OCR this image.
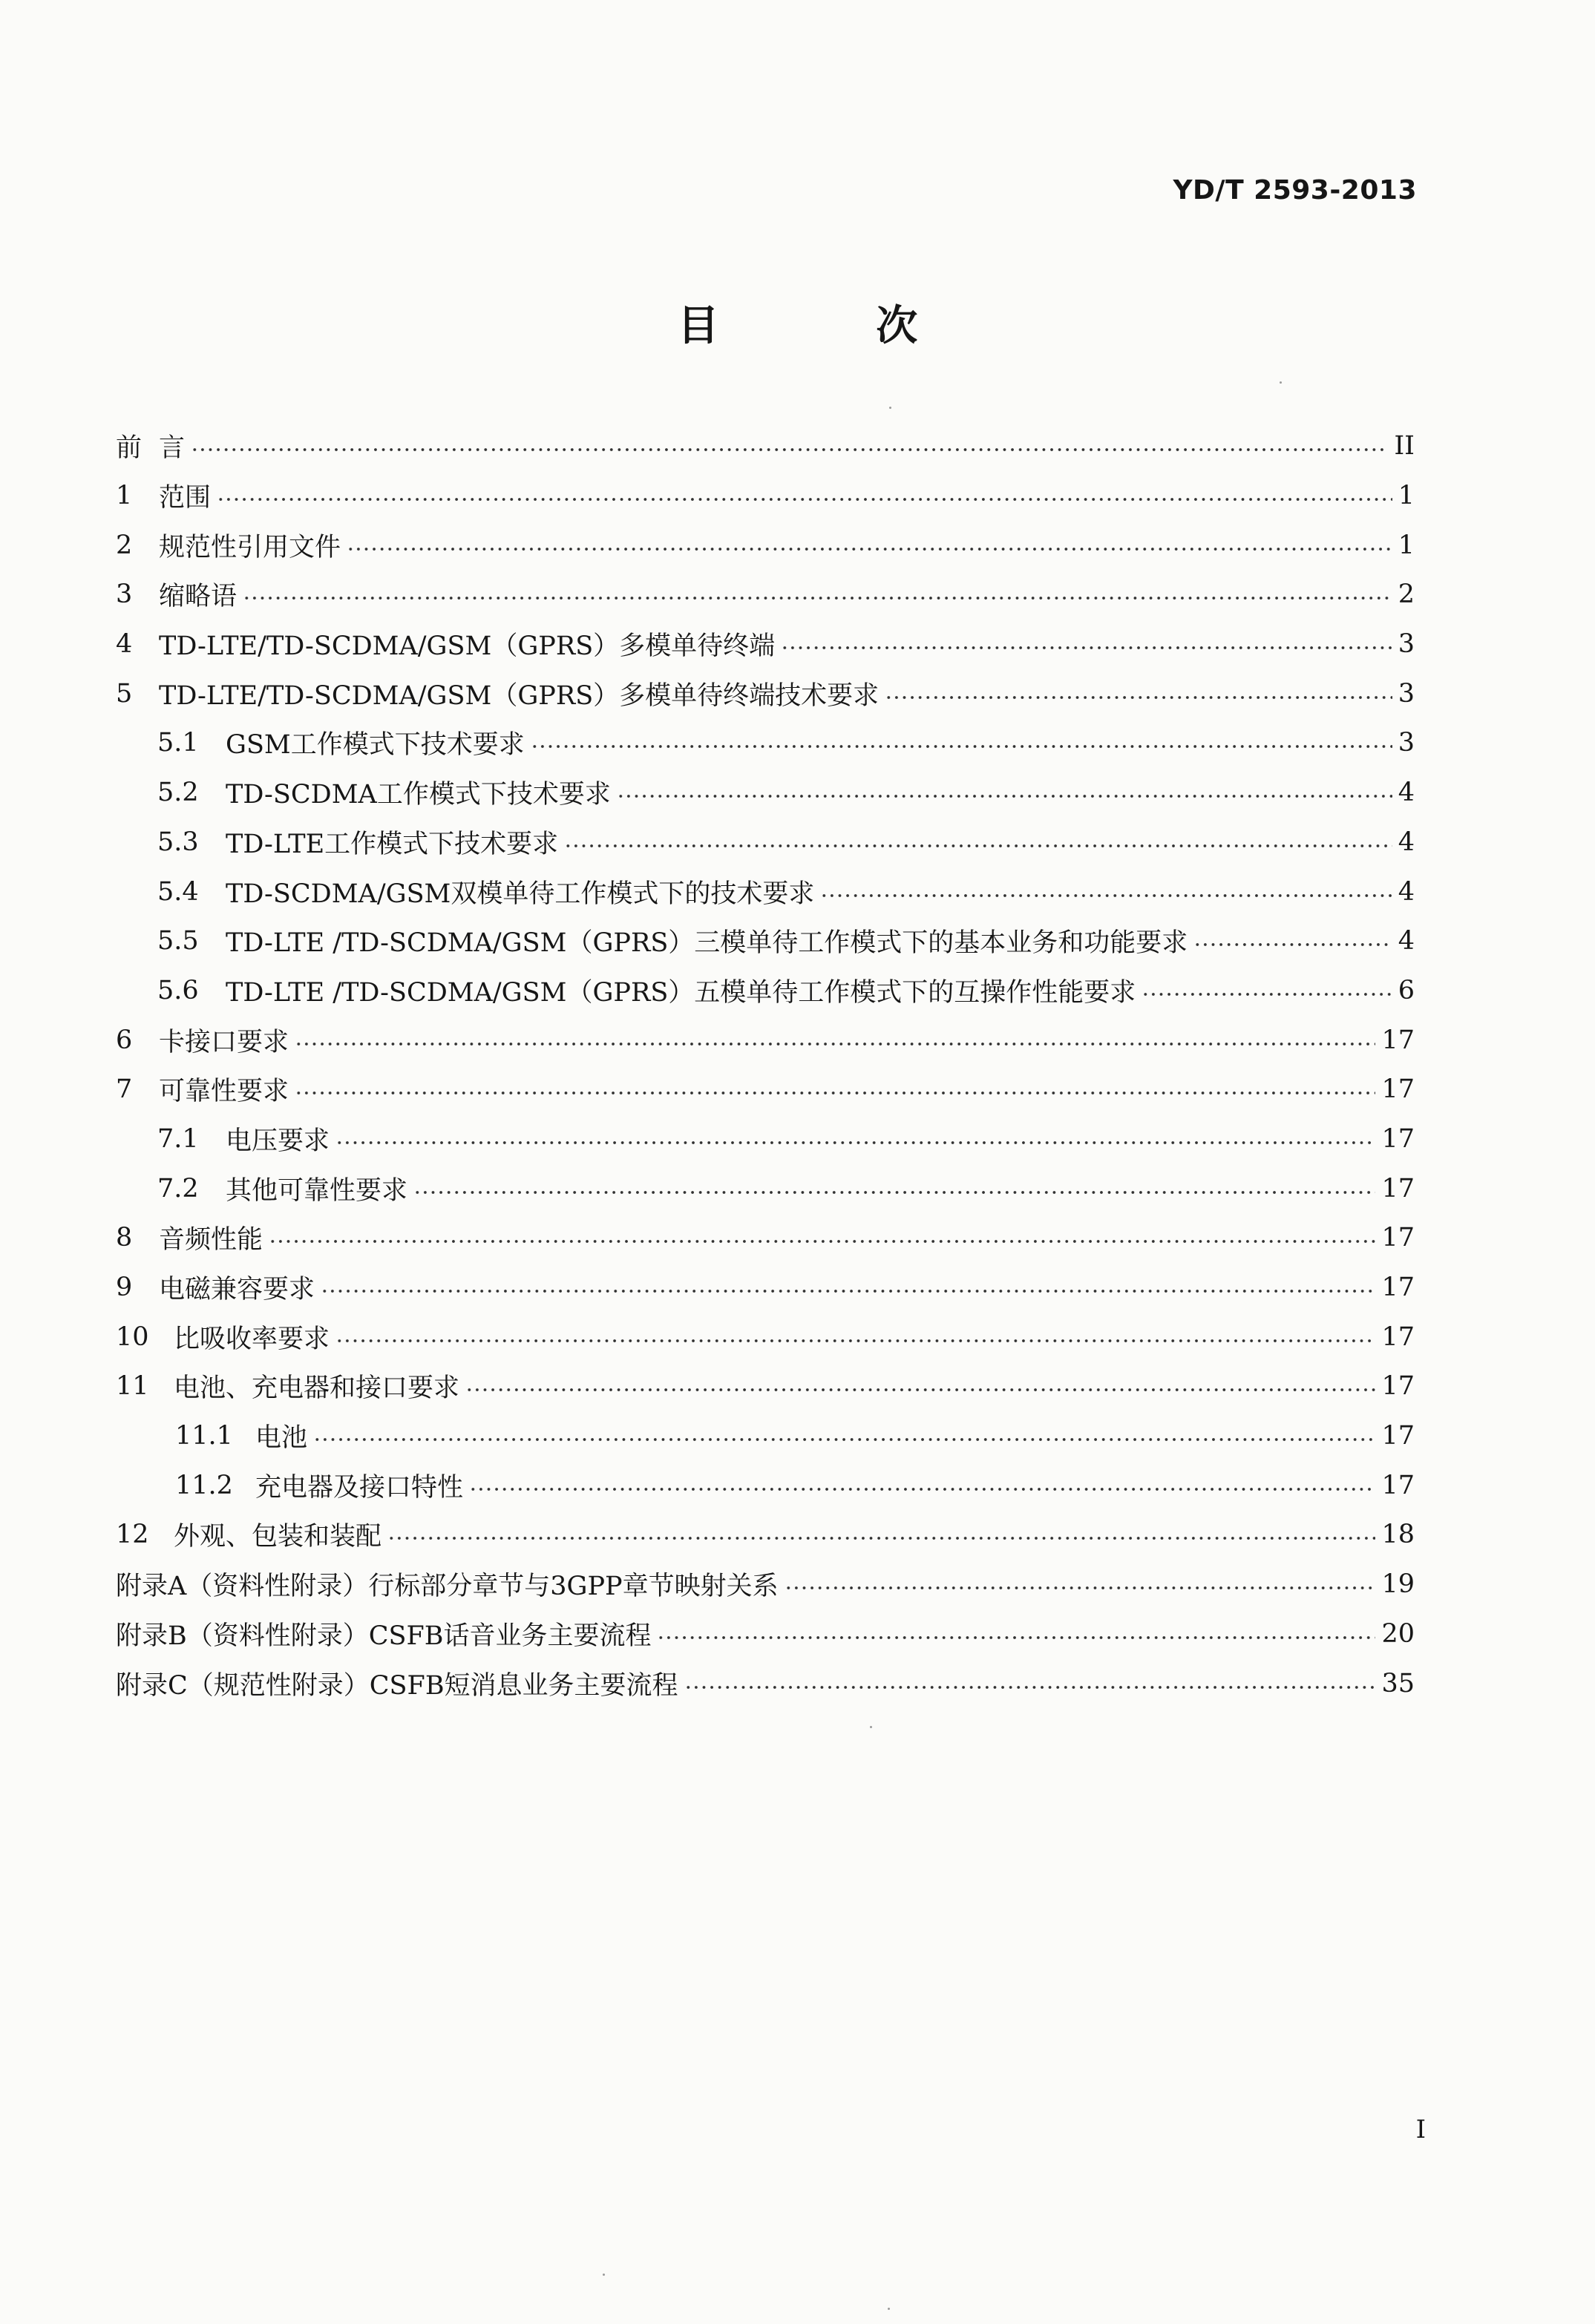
YD/T 2593-2013
目 次
前 言	II
1	范围	1
2	规范性引用文件	1
3	缩略语	2
4	TD-LTE/TD-SCDMA/GSM（GPRS）多模单待终端	3
5	TD-LTE/TD-SCDMA/GSM（GPRS）多模单待终端技术要求	3
5.1	GSM工作模式下技术要求	3
5.2	TD-SCDMA工作模式下技术要求	4
5.3	TD-LTE工作模式下技术要求	4
5.4	TD-SCDMA/GSM双模单待工作模式下的技术要求	4
5.5	TD-LTE /TD-SCDMA/GSM（GPRS）三模单待工作模式下的基本业务和功能要求	4
5.6	TD-LTE /TD-SCDMA/GSM（GPRS）五模单待工作模式下的互操作性能要求	6
6	卡接口要求	17
7	可靠性要求	17
7.1	电压要求	17
7.2	其他可靠性要求	17
8	音频性能	17
9	电磁兼容要求	17
10 比吸收率要求	17
11 电池、充电器和接口要求	17
11.1 电池	17
11.2 充电器及接口特性	17
12 外观、包装和装配	18
附录A（资料性附录）行标部分章节与3GPP章节映射关系	19
附录B（资料性附录）CSFB话音业务主要流程	20
附录C（规范性附录）CSFB短消息业务主要流程	35
I
